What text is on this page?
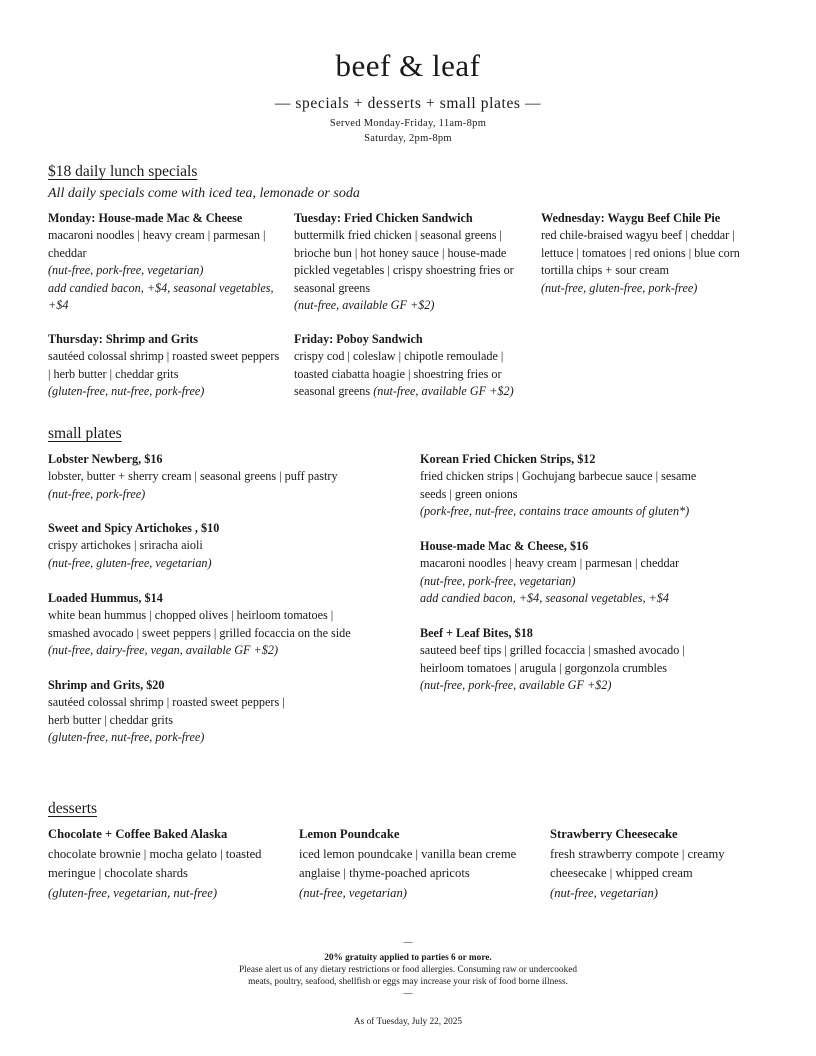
beef & leaf
— specials + desserts + small plates —
Served Monday-Friday, 11am-8pm
Saturday, 2pm-8pm
$18 daily lunch specials
All daily specials come with iced tea, lemonade or soda
Monday: House-made Mac & Cheese
macaroni noodles | heavy cream | parmesan | cheddar
(nut-free, pork-free, vegetarian)
add candied bacon, +$4, seasonal vegetables, +$4
Tuesday: Fried Chicken Sandwich
buttermilk fried chicken | seasonal greens | brioche bun | hot honey sauce | house-made pickled vegetables | crispy shoestring fries or seasonal greens
(nut-free, available GF +$2)
Wednesday: Waygu Beef Chile Pie
red chile-braised wagyu beef | cheddar | lettuce | tomatoes | red onions | blue corn tortilla chips + sour cream
(nut-free, gluten-free, pork-free)
Thursday: Shrimp and Grits
sautéed colossal shrimp | roasted sweet peppers | herb butter | cheddar grits
(gluten-free, nut-free, pork-free)
Friday: Poboy Sandwich
crispy cod | coleslaw | chipotle remoulade | toasted ciabatta hoagie | shoestring fries or seasonal greens (nut-free, available GF +$2)
small plates
Lobster Newberg, $16
lobster, butter + sherry cream | seasonal greens | puff pastry
(nut-free, pork-free)
Sweet and Spicy Artichokes , $10
crispy artichokes | sriracha aioli
(nut-free, gluten-free, vegetarian)
Loaded Hummus, $14
white bean hummus | chopped olives | heirloom tomatoes | smashed avocado | sweet peppers | grilled focaccia on the side
(nut-free, dairy-free, vegan, available GF +$2)
Shrimp and Grits, $20
sautéed colossal shrimp | roasted sweet peppers | herb butter | cheddar grits
(gluten-free, nut-free, pork-free)
Korean Fried Chicken Strips, $12
fried chicken strips | Gochujang barbecue sauce | sesame seeds | green onions
(pork-free, nut-free, contains trace amounts of gluten*)
House-made Mac & Cheese, $16
macaroni noodles | heavy cream | parmesan | cheddar
(nut-free, pork-free, vegetarian)
add candied bacon, +$4, seasonal vegetables, +$4
Beef + Leaf Bites, $18
sauteed beef tips | grilled focaccia | smashed avocado | heirloom tomatoes | arugula | gorgonzola crumbles
(nut-free, pork-free, available GF +$2)
desserts
Chocolate + Coffee Baked Alaska
chocolate brownie | mocha gelato | toasted meringue | chocolate shards
(gluten-free, vegetarian, nut-free)
Lemon Poundcake
iced lemon poundcake | vanilla bean creme anglaise | thyme-poached apricots
(nut-free, vegetarian)
Strawberry Cheesecake
fresh strawberry compote | creamy cheesecake | whipped cream
(nut-free, vegetarian)
—
20% gratuity applied to parties 6 or more.
Please alert us of any dietary restrictions or food allergies. Consuming raw or undercooked
meats, poultry, seafood, shellfish or eggs may increase your risk of food borne illness.
—
As of Tuesday, July 22, 2025
